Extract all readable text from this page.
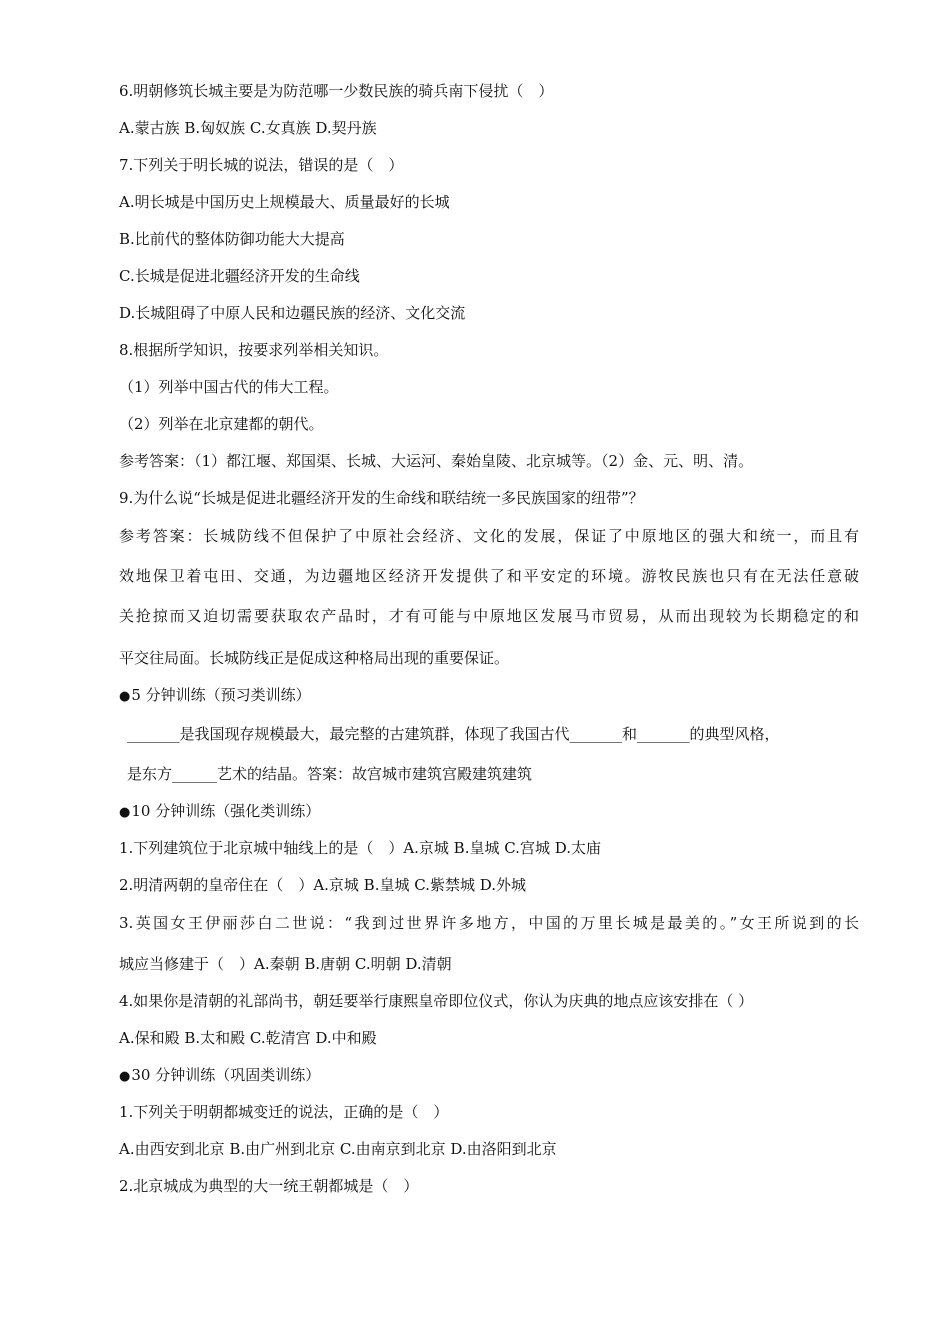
6.明朝修筑长城主要是为防范哪一少数民族的骑兵南下侵扰（　）
A.蒙古族 B.匈奴族 C.女真族 D.契丹族
7.下列关于明长城的说法，错误的是（　）
A.明长城是中国历史上规模最大、质量最好的长城
B.比前代的整体防御功能大大提高
C.长城是促进北疆经济开发的生命线
D.长城阻碍了中原人民和边疆民族的经济、文化交流
8.根据所学知识，按要求列举相关知识。
（1）列举中国古代的伟大工程。
（2）列举在北京建都的朝代。
参考答案：（1）都江堰、郑国渠、长城、大运河、秦始皇陵、北京城等。（2）金、元、明、清。
9.为什么说“长城是促进北疆经济开发的生命线和联结统一多民族国家的纽带”？
参考答案：长城防线不但保护了中原社会经济、文化的发展，保证了中原地区的强大和统一，而且有
效地保卫着屯田、交通，为边疆地区经济开发提供了和平安定的环境。游牧民族也只有在无法任意破
关抢掠而又迫切需要获取农产品时，才有可能与中原地区发展马市贸易，从而出现较为长期稳定的和
平交往局面。长城防线正是促成这种格局出现的重要保证。
●5 分钟训练（预习类训练）
_______是我国现存规模最大，最完整的古建筑群，体现了我国古代_______和_______的典型风格，
是东方______艺术的结晶。答案：故宫城市建筑宫殿建筑建筑
●10 分钟训练（强化类训练）
1.下列建筑位于北京城中轴线上的是（　）A.京城 B.皇城 C.宫城 D.太庙
2.明清两朝的皇帝住在（　）A.京城 B.皇城 C.紫禁城 D.外城
3.英国女王伊丽莎白二世说：“我到过世界许多地方，中国的万里长城是最美的。”女王所说到的长
城应当修建于（　）A.秦朝 B.唐朝 C.明朝 D.清朝
4.如果你是清朝的礼部尚书，朝廷要举行康熙皇帝即位仪式，你认为庆典的地点应该安排在（ ）
A.保和殿 B.太和殿 C.乾清宫 D.中和殿
●30 分钟训练（巩固类训练）
1.下列关于明朝都城变迁的说法，正确的是（　）
A.由西安到北京 B.由广州到北京 C.由南京到北京 D.由洛阳到北京
2.北京城成为典型的大一统王朝都城是（　）
